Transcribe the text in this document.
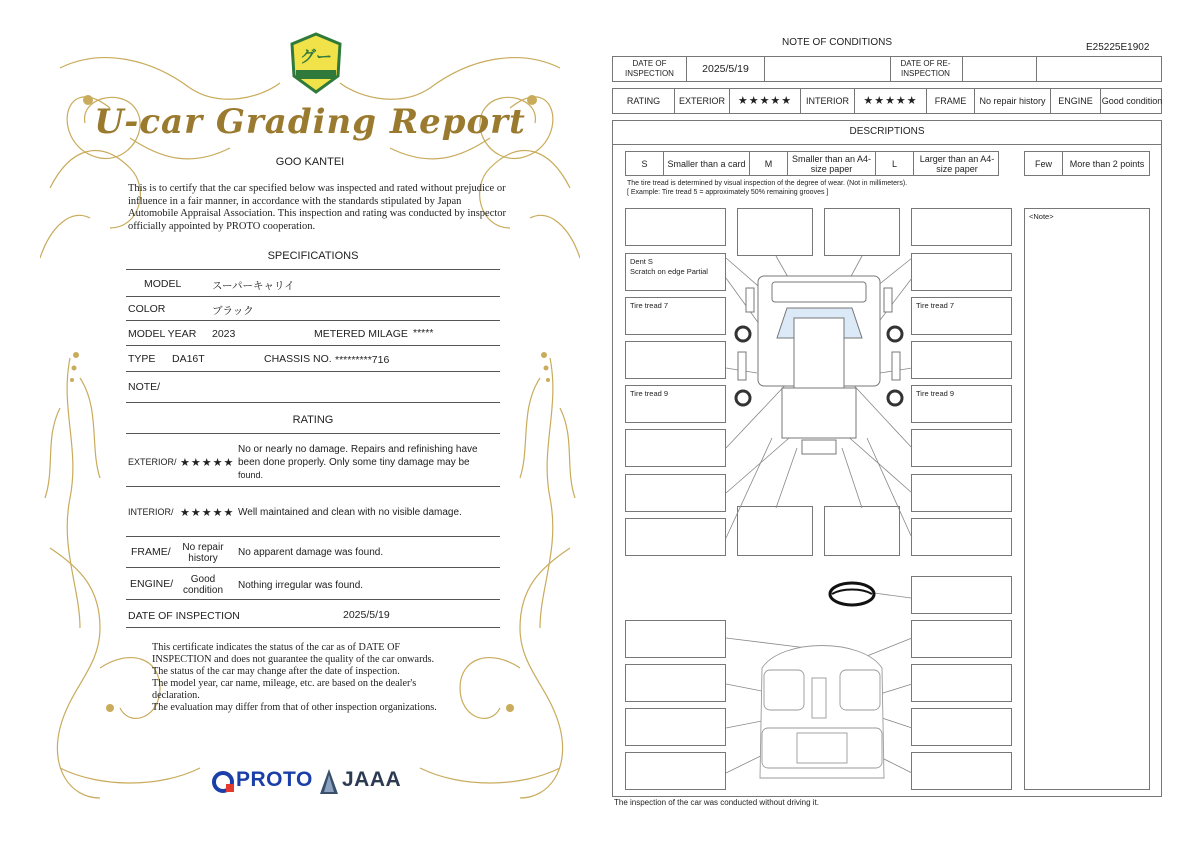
グー
U-car Grading Report
GOO KANTEI
This is to certify that the car specified below was inspected and rated without prejudice or influence in a fair manner, in accordance with the standards stipulated by Japan Automobile Appraisal Association. This inspection and rating was conducted by inspector officially appointed by PROTO cooperation.
SPECIFICATIONS
MODEL	スーパーキャリイ
COLOR	ブラック
MODEL YEAR 2023	METERED MILAGE *****
TYPE DA16T	CHASSIS NO. *********716
NOTE/
RATING
EXTERIOR/ ★★★★★
No or nearly no damage. Repairs and refinishing have been done properly. Only some tiny damage may be
found.
INTERIOR/ ★★★★★ Well maintained and clean with no visible damage.
FRAME/	No repair history
No apparent damage was found.
ENGINE/	Good condition	Nothing irregular was found.
DATE OF INSPECTION	2025/5/19
This certificate indicates the status of the car as of DATE OF
INSPECTION and does not guarantee the quality of the car onwards.
The status of the car may change after the date of inspection.
The model year, car name, mileage, etc. are based on the dealer's
declaration.
The evaluation may differ from that of other inspection organizations.
PROTO JAAA
NOTE OF CONDITIONS	E25225E1902
DATE OF INSPECTION	2025/5/19	DATE OF RE-INSPECTION
RATING	EXTERIOR	★★★★★	INTERIOR	★★★★★	FRAME	No repair history	ENGINE Good condition
DESCRIPTIONS
S	Smaller than a card	M	Smaller than an A4-size paper	L	Larger than an A4-size paper	Few	More than 2 points
The tire tread is determined by visual inspection of the degree of wear. (Not in millimeters).
[ Example: Tire tread 5 = approximately 50% remaining grooves ]
<Note>
Dent S
Scratch on edge Partial
Tire tread 7
Tire tread 9
Tire tread 7
Tire tread 9
The inspection of the car was conducted without driving it.
